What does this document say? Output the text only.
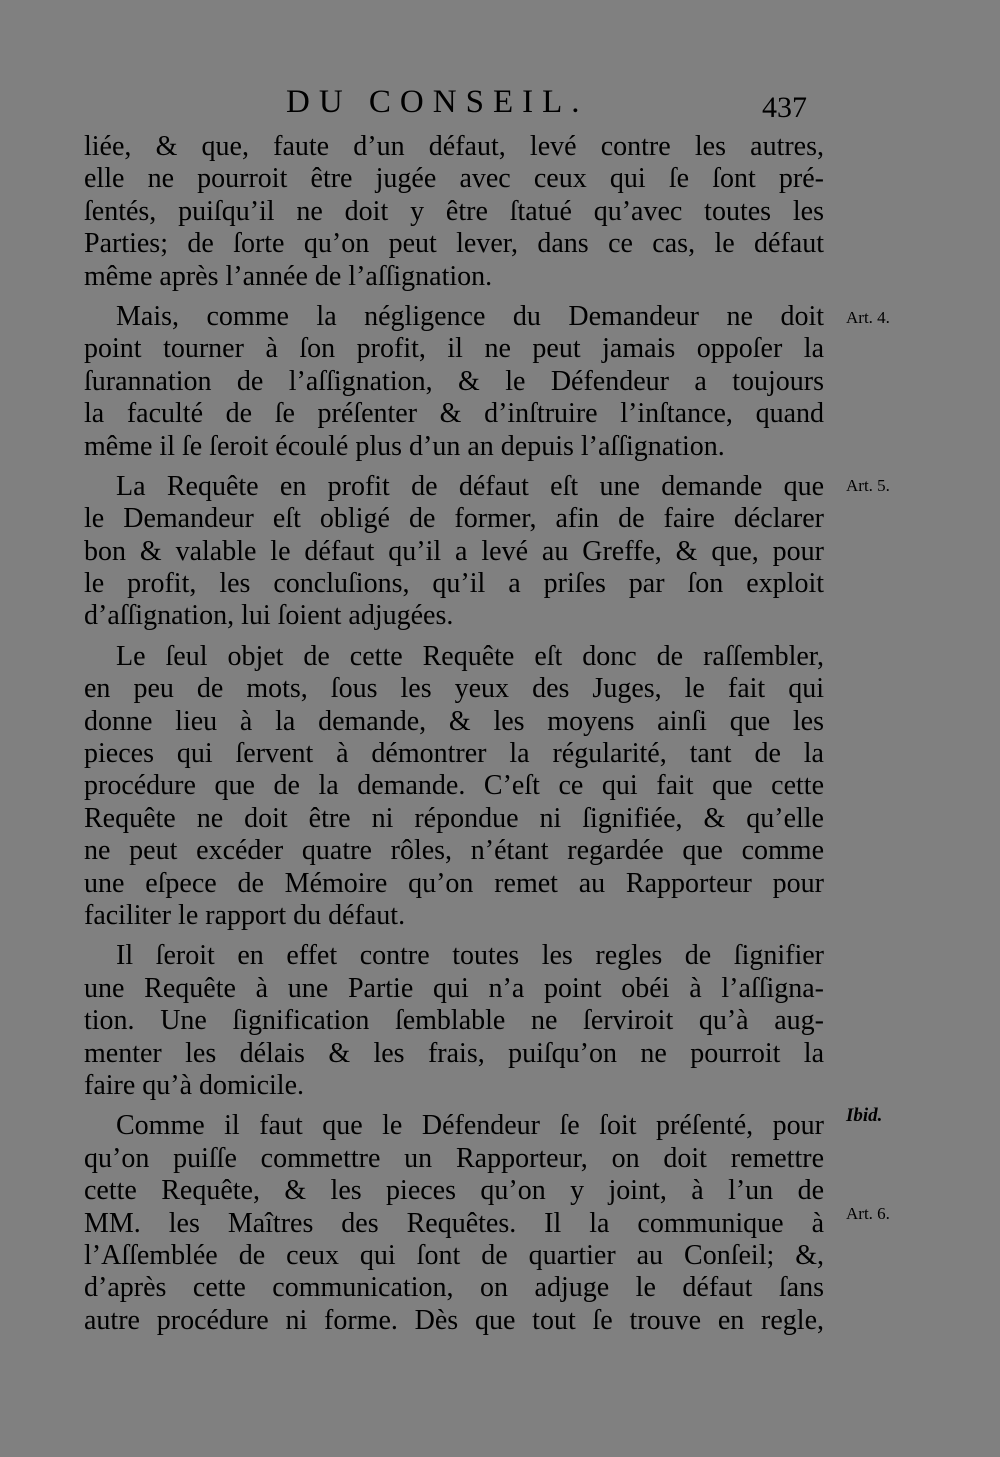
DU CONSEIL.	437

liée, & que, faute d’un défaut, levé contre les autres,
elle ne pourroit être jugée avec ceux qui ſe ſont pré-
ſentés, puiſqu’il ne doit y être ſtatué qu’avec toutes les
Parties; de ſorte qu’on peut lever, dans ce cas, le défaut
même après l’année de l’aſſignation.

Mais, comme la négligence du Demandeur ne doit
point tourner à ſon profit, il ne peut jamais oppoſer la
ſurannation de l’aſſignation, & le Défendeur a toujours
la faculté de ſe préſenter & d’inſtruire l’inſtance, quand
même il ſe ſeroit écoulé plus d’un an depuis l’aſſignation.

La Requête en profit de défaut eſt une demande que
le Demandeur eſt obligé de former, afin de faire déclarer
bon & valable le défaut qu’il a levé au Greffe, & que, pour
le profit, les concluſions, qu’il a priſes par ſon exploit
d’aſſignation, lui ſoient adjugées.

Le ſeul objet de cette Requête eſt donc de raſſembler,
en peu de mots, ſous les yeux des Juges, le fait qui
donne lieu à la demande, & les moyens ainſi que les
pieces qui ſervent à démontrer la régularité, tant de la
procédure que de la demande. C’eſt ce qui fait que cette
Requête ne doit être ni répondue ni ſignifiée, & qu’elle
ne peut excéder quatre rôles, n’étant regardée que comme
une eſpece de Mémoire qu’on remet au Rapporteur pour
faciliter le rapport du défaut.

Il ſeroit en effet contre toutes les regles de ſignifier
une Requête à une Partie qui n’a point obéi à l’aſſigna-
tion. Une ſignification ſemblable ne ſerviroit qu’à aug-
menter les délais & les frais, puiſqu’on ne pourroit la
faire qu’à domicile.

Comme il faut que le Défendeur ſe ſoit préſenté, pour
qu’on puiſſe commettre un Rapporteur, on doit remettre
cette Requête, & les pieces qu’on y joint, à l’un de
MM. les Maîtres des Requêtes. Il la communique à
l’Aſſemblée de ceux qui ſont de quartier au Conſeil; &,
d’après cette communication, on adjuge le défaut ſans
autre procédure ni forme. Dès que tout ſe trouve en regle,

Art. 4.
Art. 5.
Ibid.
Art. 6.
